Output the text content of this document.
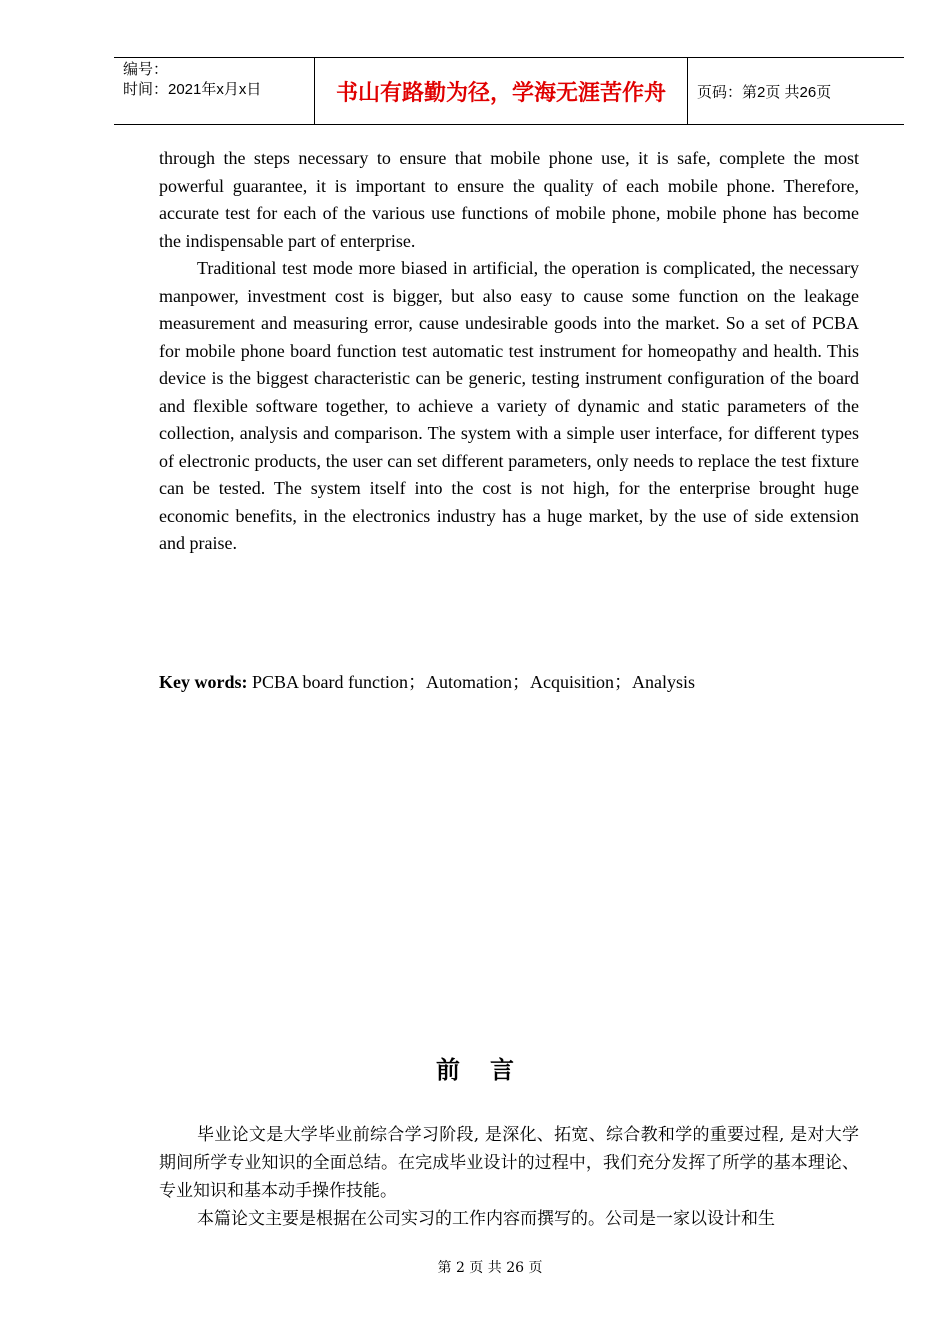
编号：
时间：2021年x月x日	书山有路勤为径，学海无涯苦作舟 页码：第2页 共26页

through the steps necessary to ensure that mobile phone use, it is safe, complete the most powerful guarantee, it is important to ensure the quality of each mobile phone. Therefore, accurate test for each of the various use functions of mobile phone, mobile phone has become the indispensable part of enterprise.

Traditional test mode more biased in artificial, the operation is complicated, the necessary manpower, investment cost is bigger, but also easy to cause some function on the leakage measurement and measuring error, cause undesirable goods into the market. So a set of PCBA for mobile phone board function test automatic test instrument for homeopathy and health. This device is the biggest characteristic can be generic, testing instrument configuration of the board and flexible software together, to achieve a variety of dynamic and static parameters of the collection, analysis and comparison. The system with a simple user interface, for different types of electronic products, the user can set different parameters, only needs to replace the test fixture can be tested. The system itself into the cost is not high, for the enterprise brought huge economic benefits, in the electronics industry has a huge market, by the use of side extension and praise.

Key words: PCBA board function；Automation；Acquisition；Analysis
前言

毕业论文是大学毕业前综合学习阶段, 是深化、拓宽、综合教和学的重要过程, 是对大学期间所学专业知识的全面总结。在完成毕业设计的过程中，我们充分发挥了所学的基本理论、专业知识和基本动手操作技能。

本篇论文主要是根据在公司实习的工作内容而撰写的。公司是一家以设计和生

第 2 页 共 26 页
